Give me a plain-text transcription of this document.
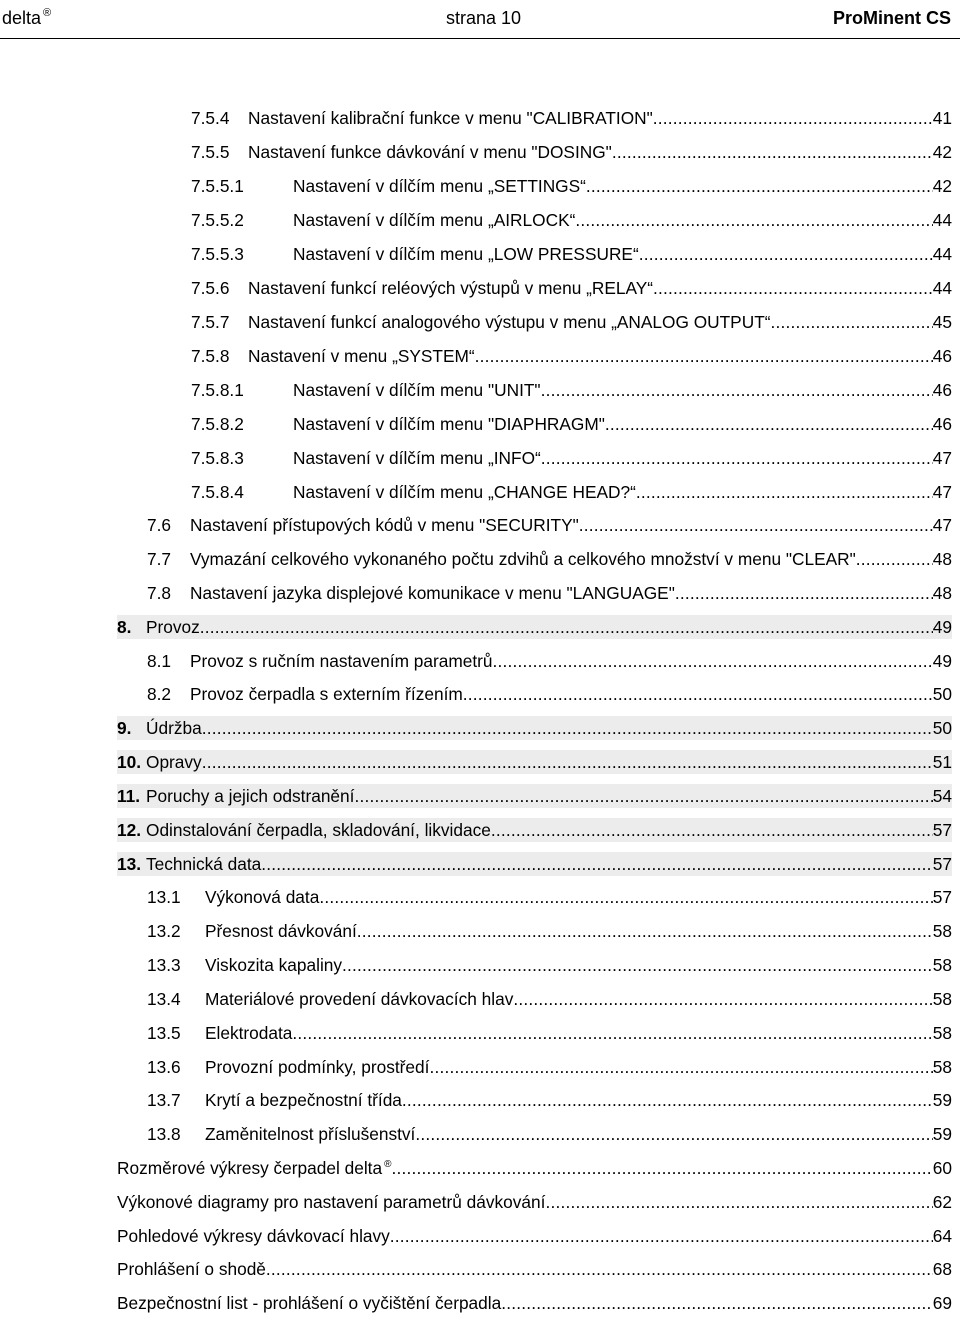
delta ®	strana 10	ProMinent CS
7.5.4	Nastavení kalibrační funkce v menu "CALIBRATION" . . .	41
7.5.5	Nastavení funkce dávkování v menu "DOSING" . . .	42
7.5.5.1	Nastavení v dílčím menu „SETTINGS“ . . .	42
7.5.5.2	Nastavení v dílčím menu „AIRLOCK“ . . .	44
7.5.5.3	Nastavení v dílčím menu „LOW PRESSURE“ . . .	44
7.5.6	Nastavení funkcí reléových výstupů v menu „RELAY“ . . .	44
7.5.7	Nastavení funkcí analogového výstupu v menu „ANALOG OUTPUT“ . . .	45
7.5.8	Nastavení v menu „SYSTEM“ . . .	46
7.5.8.1	Nastavení v dílčím menu "UNIT" . . .	46
7.5.8.2	Nastavení v dílčím menu "DIAPHRAGM" . . .	46
7.5.8.3	Nastavení v dílčím menu „INFO“ . . .	47
7.5.8.4	Nastavení v dílčím menu „CHANGE HEAD?“ . . .	47
7.6	Nastavení přístupových kódů v menu "SECURITY" . . .	47
7.7	Vymazání celkového vykonaného počtu zdvihů a celkového množství v menu "CLEAR" . . .	48
7.8	Nastavení jazyka displejové komunikace v menu "LANGUAGE" . . .	48
8. Provoz . . .	49
8.1	Provoz s ručním nastavením parametrů . . .	49
8.2	Provoz čerpadla s externím řízením . . .	50
9. Údržba . . .	50
10. Opravy . . .	51
11. Poruchy a jejich odstranění . . .	54
12. Odinstalování čerpadla, skladování, likvidace . . .	57
13. Technická data . . .	57
13.1	Výkonová data . . .	57
13.2	Přesnost dávkování . . .	58
13.3	Viskozita kapaliny . . .	58
13.4	Materiálové provedení dávkovacích hlav . . .	58
13.5	Elektrodata . . .	58
13.6	Provozní podmínky, prostředí . . .	58
13.7	Krytí a bezpečnostní třída . . .	59
13.8	Zaměnitelnost příslušenství . . .	59
Rozměrové výkresy čerpadel delta ® . . .	60
Výkonové diagramy pro nastavení parametrů dávkování . . .	62
Pohledové výkresy dávkovací hlavy . . .	64
Prohlášení o shodě . . .	68
Bezpečnostní list - prohlášení o vyčištění čerpadla . . .	69
